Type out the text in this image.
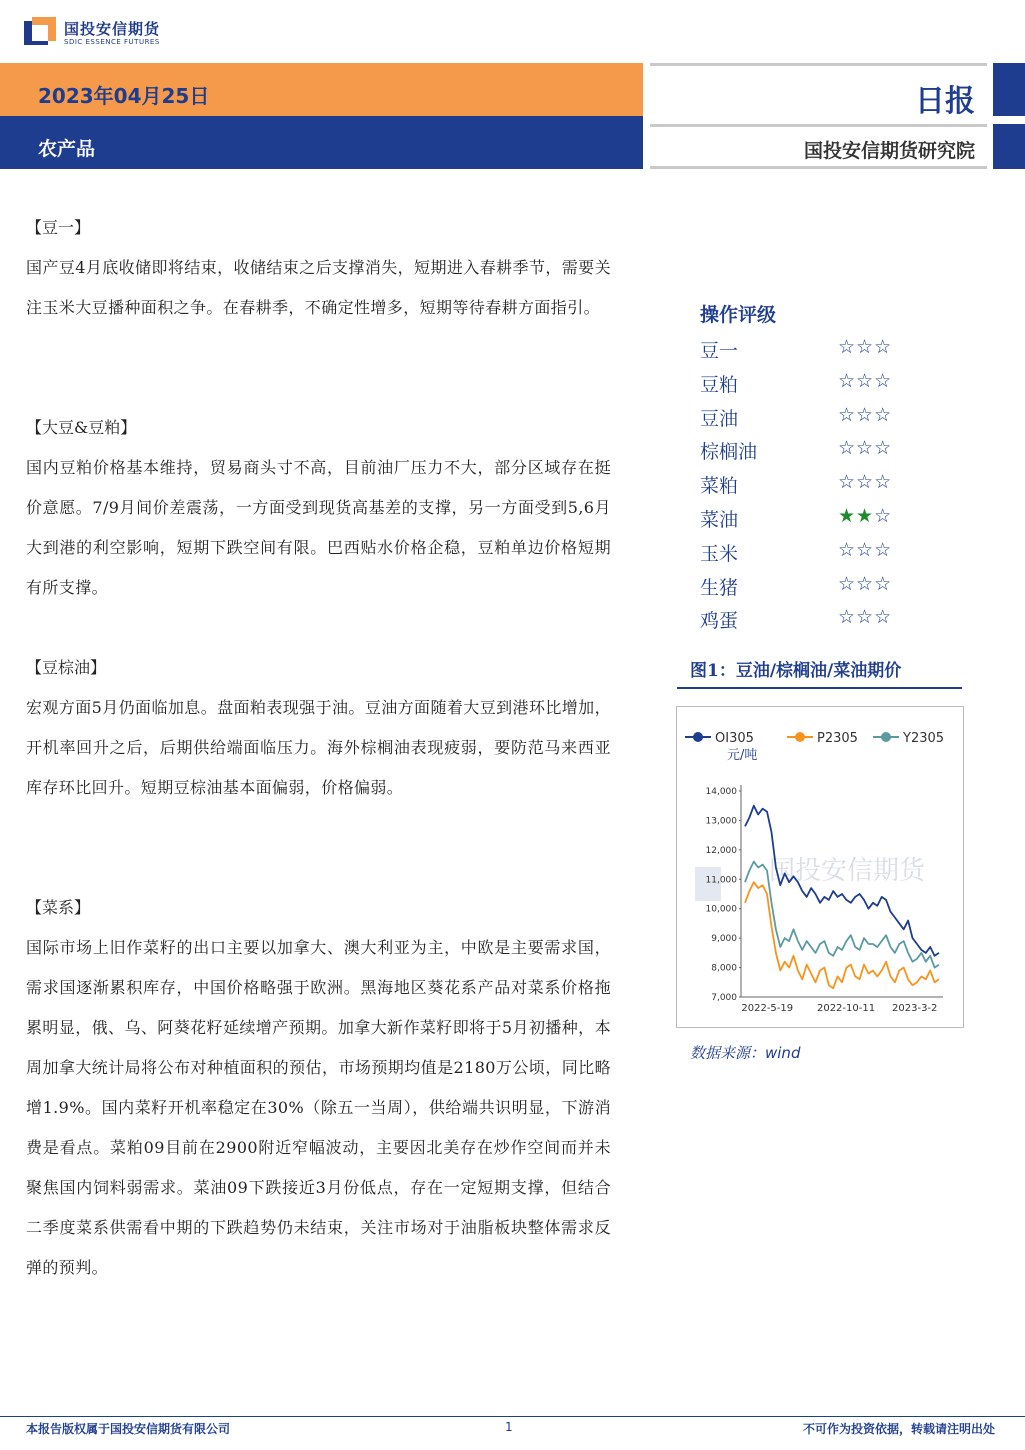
国投安信期货
SDIC ESSENCE FUTURES
2023年04月25日
农产品
日报
国投安信期货研究院
【豆一】
国产豆4月底收储即将结束，收储结束之后支撑消失，短期进入春耕季节，需要关注玉米大豆播种面积之争。在春耕季，不确定性增多，短期等待春耕方面指引。
【大豆&豆粕】
国内豆粕价格基本维持，贸易商头寸不高，目前油厂压力不大，部分区域存在挺价意愿。7/9月间价差震荡，一方面受到现货高基差的支撑，另一方面受到5,6月大到港的利空影响，短期下跌空间有限。巴西贴水价格企稳，豆粕单边价格短期有所支撑。
【豆棕油】
宏观方面5月仍面临加息。盘面粕表现强于油。豆油方面随着大豆到港环比增加，开机率回升之后，后期供给端面临压力。海外棕榈油表现疲弱，要防范马来西亚库存环比回升。短期豆棕油基本面偏弱，价格偏弱。
【菜系】
国际市场上旧作菜籽的出口主要以加拿大、澳大利亚为主，中欧是主要需求国，需求国逐渐累积库存，中国价格略强于欧洲。黑海地区葵花系产品对菜系价格拖累明显，俄、乌、阿葵花籽延续增产预期。加拿大新作菜籽即将于5月初播种，本周加拿大统计局将公布对种植面积的预估，市场预期均值是2180万公顷，同比略增1.9%。国内菜籽开机率稳定在30%（除五一当周），供给端共识明显，下游消费是看点。菜粕09目前在2900附近窄幅波动，主要因北美存在炒作空间而并未聚焦国内饲料弱需求。菜油09下跌接近3月份低点，存在一定短期支撑，但结合二季度菜系供需看中期的下跌趋势仍未结束，关注市场对于油脂板块整体需求反弹的预判。
操作评级
豆一	☆☆☆
豆粕	☆☆☆
豆油	☆☆☆
棕榈油	☆☆☆
菜粕	☆☆☆
菜油	★★☆
玉米	☆☆☆
生猪	☆☆☆
鸡蛋	☆☆☆
图1：豆油/棕榈油/菜油期价
国投安信期货
OI305	P2305	Y2305
元/吨
14,000
13,000
12,000
11,000
10,000
9,000
8,000
7,000
2022-5-19 2022-10-11 2023-3-2
数据来源：wind
本报告版权属于国投安信期货有限公司	1	不可作为投资依据，转载请注明出处
